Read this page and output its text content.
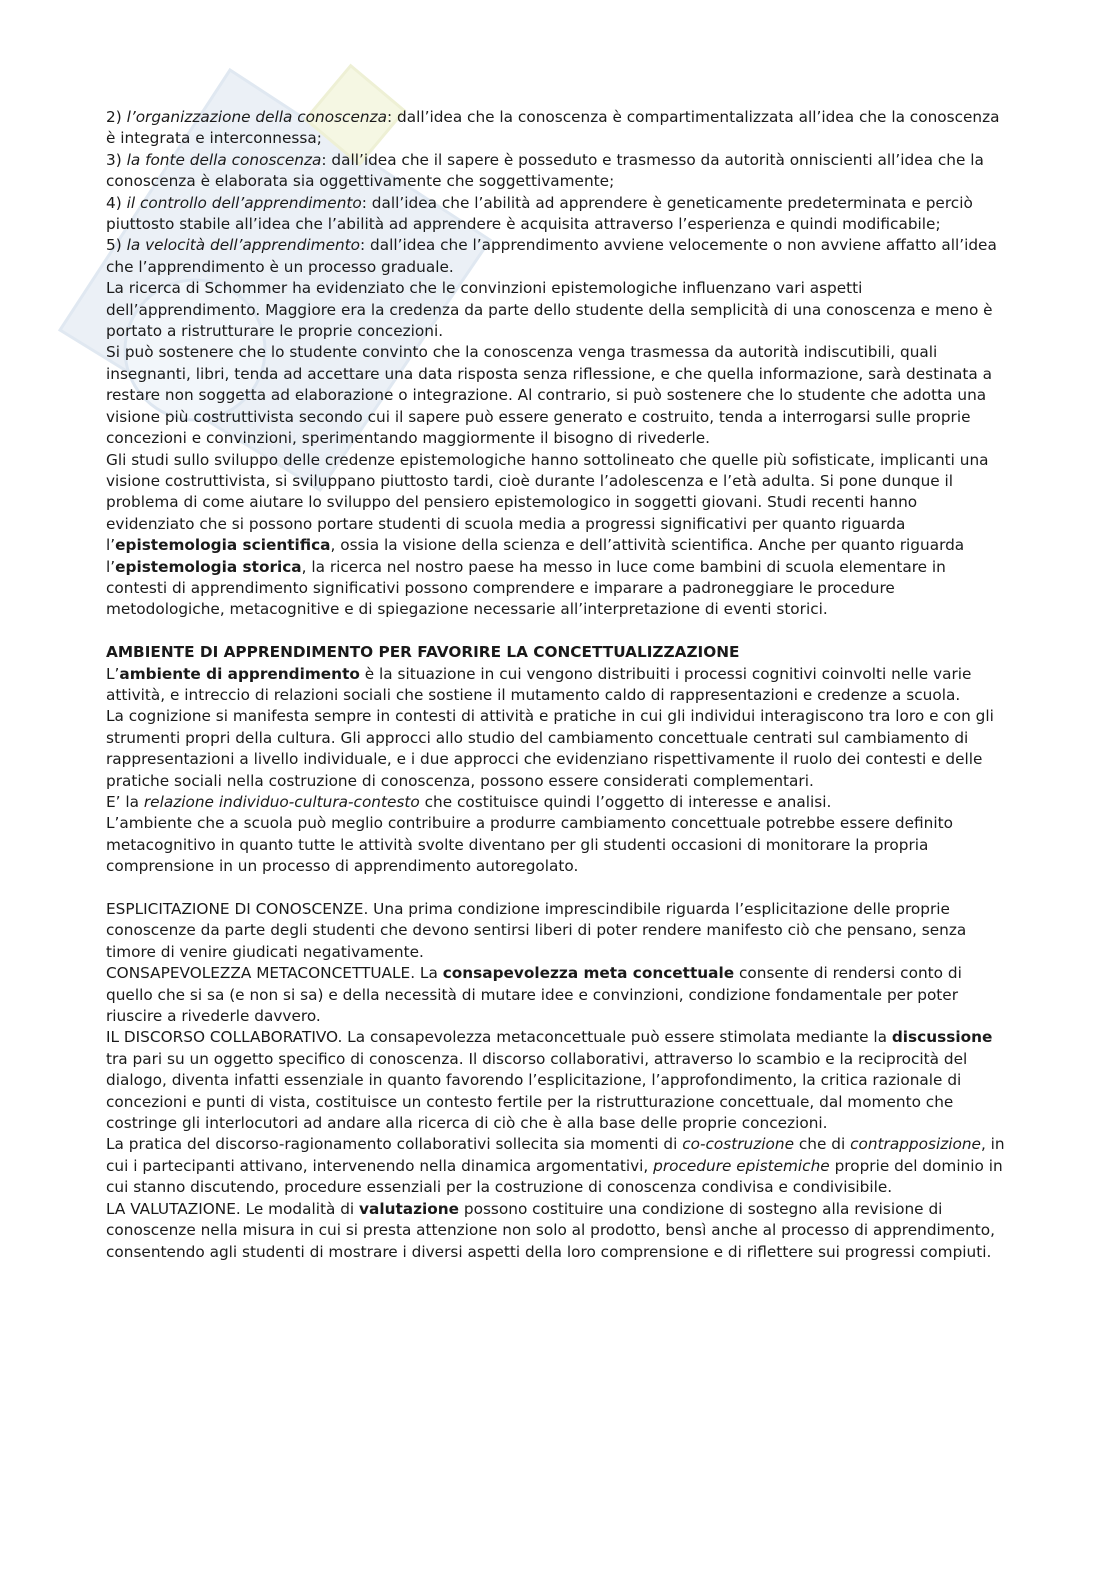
2) l’organizzazione della conoscenza: dall’idea che la conoscenza è compartimentalizzata all’idea che la conoscenza è integrata e interconnessa;

3) la fonte della conoscenza: dall’idea che il sapere è posseduto e trasmesso da autorità onniscienti all’idea che la conoscenza è elaborata sia oggettivamente che soggettivamente;

4) il controllo dell’apprendimento: dall’idea che l’abilità ad apprendere è geneticamente predeterminata e perciò piuttosto stabile all’idea che l’abilità ad apprendere è acquisita attraverso l’esperienza e quindi modificabile;

5) la velocità dell’apprendimento: dall’idea che l’apprendimento avviene velocemente o non avviene affatto all’idea che l’apprendimento è un processo graduale.

La ricerca di Schommer ha evidenziato che le convinzioni epistemologiche influenzano vari aspetti dell’apprendimento. Maggiore era la credenza da parte dello studente della semplicità di una conoscenza e meno è portato a ristrutturare le proprie concezioni.

Si può sostenere che lo studente convinto che la conoscenza venga trasmessa da autorità indiscutibili, quali insegnanti, libri, tenda ad accettare una data risposta senza riflessione, e che quella informazione, sarà destinata a restare non soggetta ad elaborazione o integrazione. Al contrario, si può sostenere che lo studente che adotta una visione più costruttivista secondo cui il sapere può essere generato e costruito, tenda a interrogarsi sulle proprie concezioni e convinzioni, sperimentando maggiormente il bisogno di rivederle.

Gli studi sullo sviluppo delle credenze epistemologiche hanno sottolineato che quelle più sofisticate, implicanti una visione costruttivista, si sviluppano piuttosto tardi, cioè durante l’adolescenza e l’età adulta. Si pone dunque il problema di come aiutare lo sviluppo del pensiero epistemologico in soggetti giovani. Studi recenti hanno evidenziato che si possono portare studenti di scuola media a progressi significativi per quanto riguarda l’epistemologia scientifica, ossia la visione della scienza e dell’attività scientifica. Anche per quanto riguarda l’epistemologia storica, la ricerca nel nostro paese ha messo in luce come bambini di scuola elementare in contesti di apprendimento significativi possono comprendere e imparare a padroneggiare le procedure metodologiche, metacognitive e di spiegazione necessarie all’interpretazione di eventi storici.

AMBIENTE DI APPRENDIMENTO PER FAVORIRE LA CONCETTUALIZZAZIONE

L’ambiente di apprendimento è la situazione in cui vengono distribuiti i processi cognitivi coinvolti nelle varie attività, e intreccio di relazioni sociali che sostiene il mutamento caldo di rappresentazioni e credenze a scuola.

La cognizione si manifesta sempre in contesti di attività e pratiche in cui gli individui interagiscono tra loro e con gli strumenti propri della cultura. Gli approcci allo studio del cambiamento concettuale centrati sul cambiamento di rappresentazioni a livello individuale, e i due approcci che evidenziano rispettivamente il ruolo dei contesti e delle pratiche sociali nella costruzione di conoscenza, possono essere considerati complementari.

E’ la relazione individuo-cultura-contesto che costituisce quindi l’oggetto di interesse e analisi.

L’ambiente che a scuola può meglio contribuire a produrre cambiamento concettuale potrebbe essere definito metacognitivo in quanto tutte le attività svolte diventano per gli studenti occasioni di monitorare la propria comprensione in un processo di apprendimento autoregolato.

ESPLICITAZIONE DI CONOSCENZE. Una prima condizione imprescindibile riguarda l’esplicitazione delle proprie conoscenze da parte degli studenti che devono sentirsi liberi di poter rendere manifesto ciò che pensano, senza timore di venire giudicati negativamente.

CONSAPEVOLEZZA METACONCETTUALE. La consapevolezza meta concettuale consente di rendersi conto di quello che si sa (e non si sa) e della necessità di mutare idee e convinzioni, condizione fondamentale per poter riuscire a rivederle davvero.

IL DISCORSO COLLABORATIVO. La consapevolezza metaconcettuale può essere stimolata mediante la discussione tra pari su un oggetto specifico di conoscenza. Il discorso collaborativi, attraverso lo scambio e la reciprocità del dialogo, diventa infatti essenziale in quanto favorendo l’esplicitazione, l’approfondimento, la critica razionale di concezioni e punti di vista, costituisce un contesto fertile per la ristrutturazione concettuale, dal momento che costringe gli interlocutori ad andare alla ricerca di ciò che è alla base delle proprie concezioni.

La pratica del discorso-ragionamento collaborativi sollecita sia momenti di co-costruzione che di contrapposizione, in cui i partecipanti attivano, intervenendo nella dinamica argomentativi, procedure epistemiche proprie del dominio in cui stanno discutendo, procedure essenziali per la costruzione di conoscenza condivisa e condivisibile.

LA VALUTAZIONE. Le modalità di valutazione possono costituire una condizione di sostegno alla revisione di conoscenze nella misura in cui si presta attenzione non solo al prodotto, bensì anche al processo di apprendimento, consentendo agli studenti di mostrare i diversi aspetti della loro comprensione e di riflettere sui progressi compiuti.
